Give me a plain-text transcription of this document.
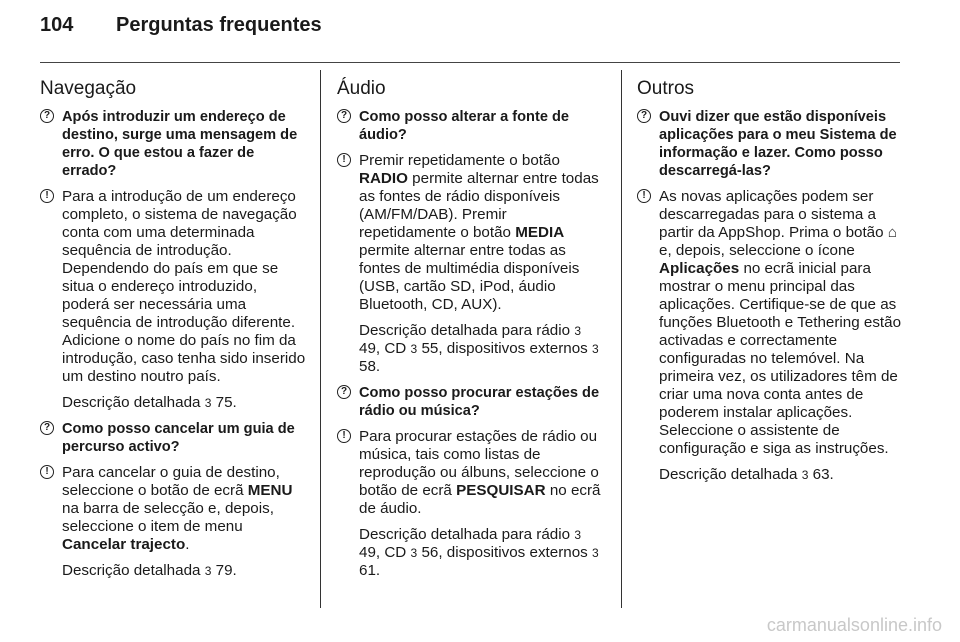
104 Perguntas frequentes
Navegação
? Após introduzir um endereço de destino, surge uma mensagem de erro. O que estou a fazer de errado?
! Para a introdução de um endereço completo, o sistema de navegação conta com uma determinada sequência de introdução. Dependendo do país em que se situa o endereço introduzido, poderá ser necessária uma sequência de introdução diferente. Adicione o nome do país no fim da introdução, caso tenha sido inserido um destino noutro país.
Descrição detalhada 3 75.
? Como posso cancelar um guia de percurso activo?
! Para cancelar o guia de destino, seleccione o botão de ecrã MENU na barra de selecção e, depois, seleccione o item de menu Cancelar trajecto.
Descrição detalhada 3 79.
Áudio
? Como posso alterar a fonte de áudio?
! Premir repetidamente o botão RADIO permite alternar entre todas as fontes de rádio disponíveis (AM/FM/DAB). Premir repetidamente o botão MEDIA permite alternar entre todas as fontes de multimédia disponíveis (USB, cartão SD, iPod, áudio Bluetooth, CD, AUX).
Descrição detalhada para rádio 3 49, CD 3 55, dispositivos externos 3 58.
? Como posso procurar estações de rádio ou música?
! Para procurar estações de rádio ou música, tais como listas de reprodução ou álbuns, seleccione o botão de ecrã PESQUISAR no ecrã de áudio.
Descrição detalhada para rádio 3 49, CD 3 56, dispositivos externos 3 61.
Outros
? Ouvi dizer que estão disponíveis aplicações para o meu Sistema de informação e lazer. Como posso descarregá-las?
! As novas aplicações podem ser descarregadas para o sistema a partir da AppShop. Prima o botão ⌂ e, depois, seleccione o ícone Aplicações no ecrã inicial para mostrar o menu principal das aplicações. Certifique-se de que as funções Bluetooth e Tethering estão activadas e correctamente configuradas no telemóvel. Na primeira vez, os utilizadores têm de criar uma nova conta antes de poderem instalar aplicações. Seleccione o assistente de configuração e siga as instruções.
Descrição detalhada 3 63.
carmanualsonline.info
